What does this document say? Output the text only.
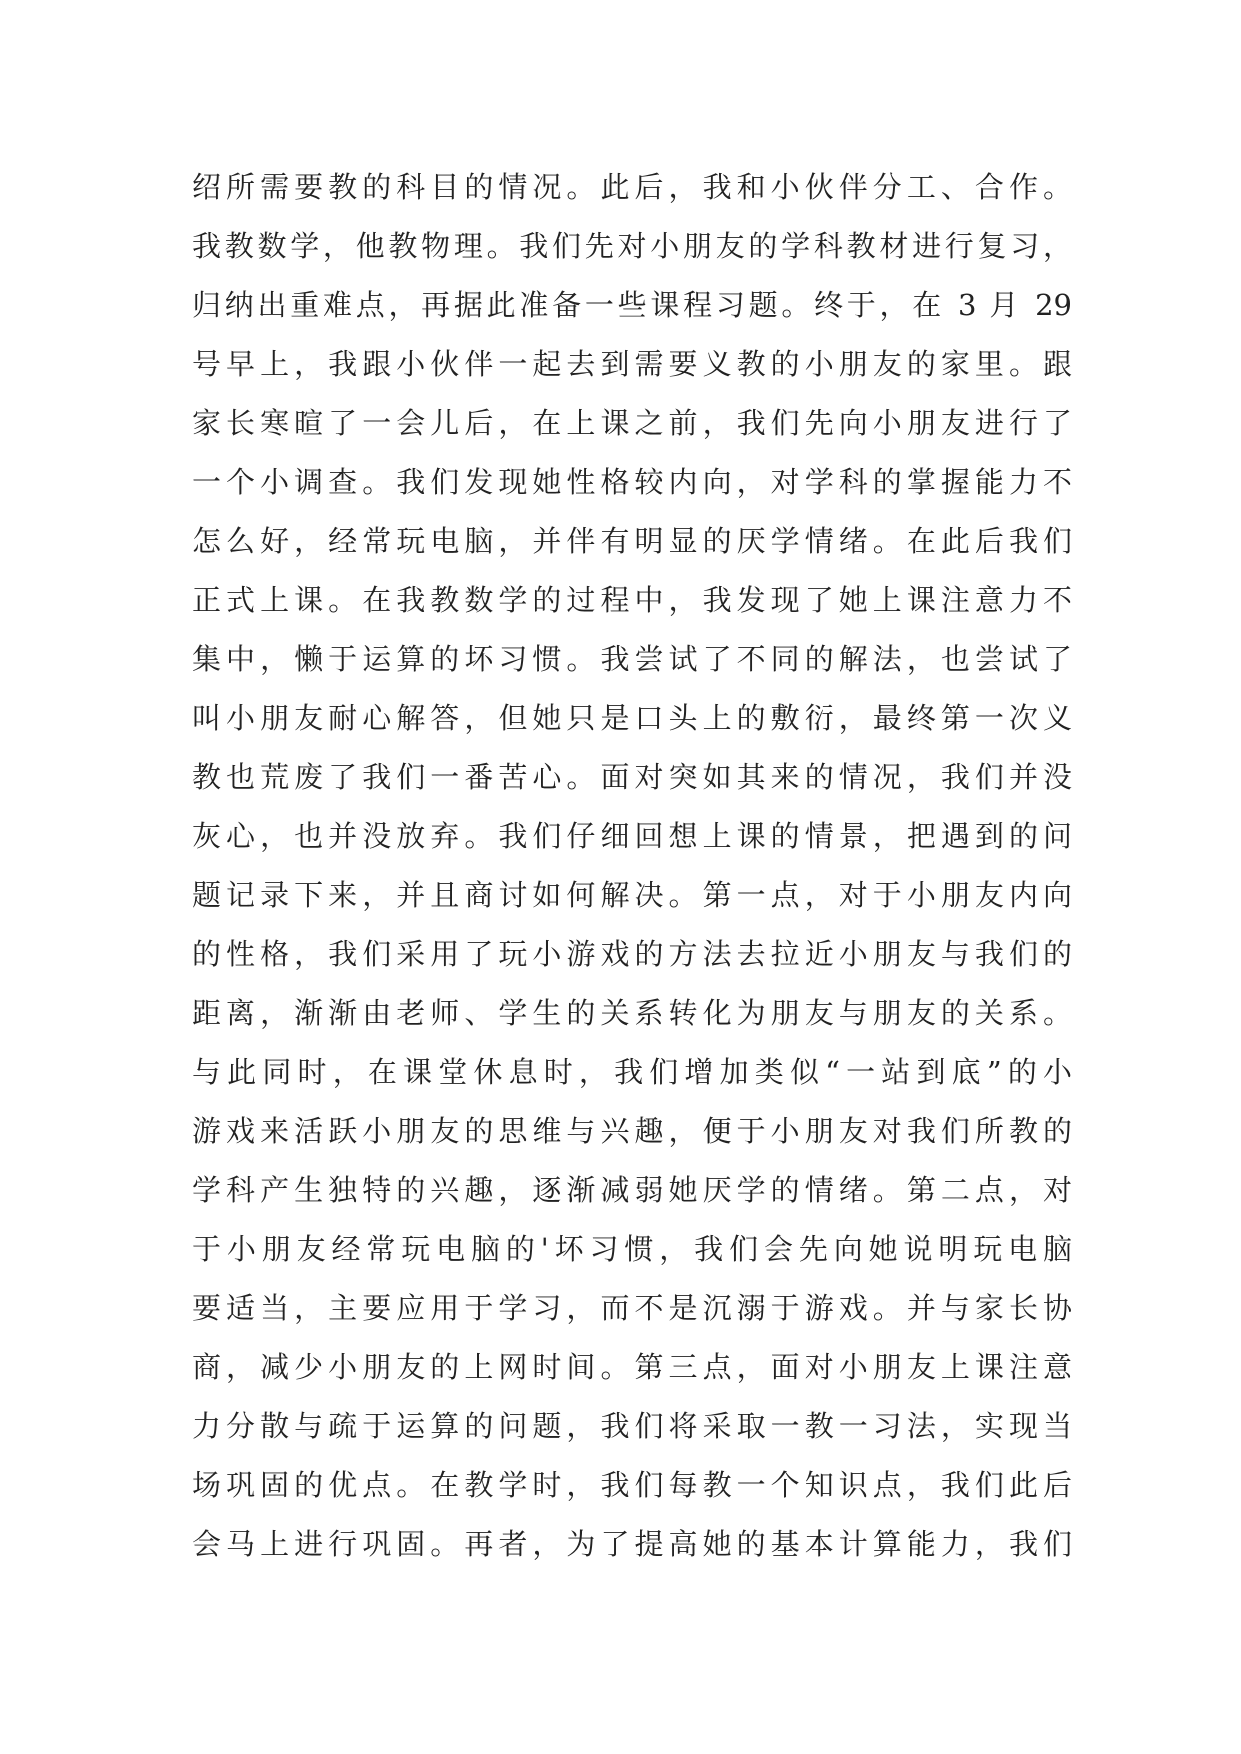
绍所需要教的科目的情况。此后，我和小伙伴分工、合作。
我教数学，他教物理。我们先对小朋友的学科教材进行复习，
归纳出重难点，再据此准备一些课程习题。终于，在 3 月 29
号早上，我跟小伙伴一起去到需要义教的小朋友的家里。跟
家长寒暄了一会儿后，在上课之前，我们先向小朋友进行了
一个小调查。我们发现她性格较内向，对学科的掌握能力不
怎么好，经常玩电脑，并伴有明显的厌学情绪。在此后我们
正式上课。在我教数学的过程中，我发现了她上课注意力不
集中，懒于运算的坏习惯。我尝试了不同的解法，也尝试了
叫小朋友耐心解答，但她只是口头上的敷衍，最终第一次义
教也荒废了我们一番苦心。面对突如其来的情况，我们并没
灰心，也并没放弃。我们仔细回想上课的情景，把遇到的问
题记录下来，并且商讨如何解决。第一点，对于小朋友内向
的性格，我们采用了玩小游戏的方法去拉近小朋友与我们的
距离，渐渐由老师、学生的关系转化为朋友与朋友的关系。
与此同时，在课堂休息时，我们增加类似“一站到底”的小
游戏来活跃小朋友的思维与兴趣，便于小朋友对我们所教的
学科产生独特的兴趣，逐渐减弱她厌学的情绪。第二点，对
于小朋友经常玩电脑的'坏习惯，我们会先向她说明玩电脑
要适当，主要应用于学习，而不是沉溺于游戏。并与家长协
商，减少小朋友的上网时间。第三点，面对小朋友上课注意
力分散与疏于运算的问题，我们将采取一教一习法，实现当
场巩固的优点。在教学时，我们每教一个知识点，我们此后
会马上进行巩固。再者，为了提高她的基本计算能力，我们
